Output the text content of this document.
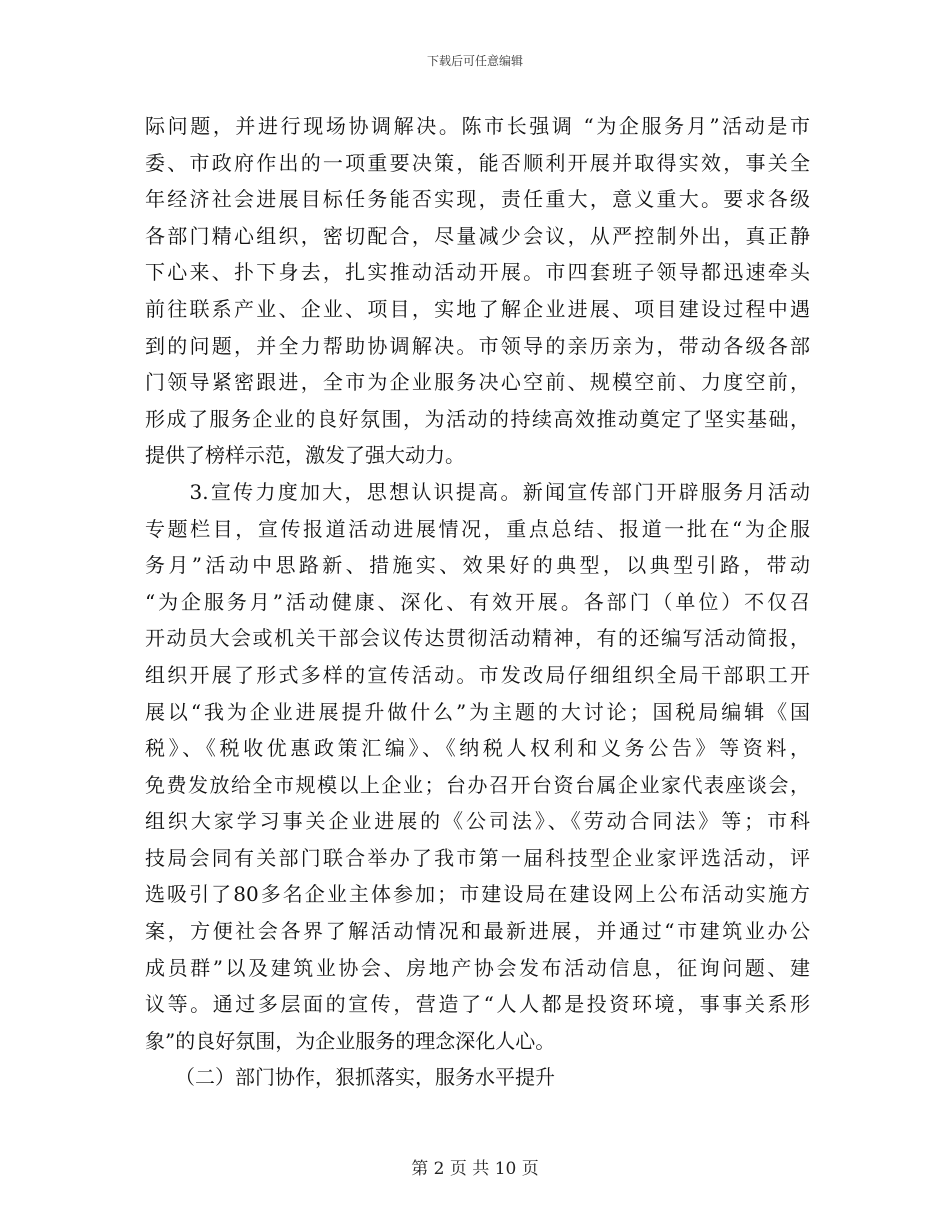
下载后可任意编辑
际问题，并进行现场协调解决。陈市长强调 “为企服务月”活动是市
委、市政府作出的一项重要决策，能否顺利开展并取得实效，事关全
年经济社会进展目标任务能否实现，责任重大，意义重大。要求各级
各部门精心组织，密切配合，尽量减少会议，从严控制外出，真正静
下心来、扑下身去，扎实推动活动开展。市四套班子领导都迅速牵头
前往联系产业、企业、项目，实地了解企业进展、项目建设过程中遇
到的问题，并全力帮助协调解决。市领导的亲历亲为，带动各级各部
门领导紧密跟进，全市为企业服务决心空前、规模空前、力度空前，
形成了服务企业的良好氛围，为活动的持续高效推动奠定了坚实基础，
提供了榜样示范，激发了强大动力。
　　3.宣传力度加大，思想认识提高。新闻宣传部门开辟服务月活动
专题栏目，宣传报道活动进展情况，重点总结、报道一批在“为企服
务月”活动中思路新、措施实、效果好的典型，以典型引路，带动
“为企服务月”活动健康、深化、有效开展。各部门（单位）不仅召
开动员大会或机关干部会议传达贯彻活动精神，有的还编写活动简报，
组织开展了形式多样的宣传活动。市发改局仔细组织全局干部职工开
展以“我为企业进展提升做什么”为主题的大讨论；国税局编辑《国
税》、《税收优惠政策汇编》、《纳税人权利和义务公告》等资料，
免费发放给全市规模以上企业；台办召开台资台属企业家代表座谈会，
组织大家学习事关企业进展的《公司法》、《劳动合同法》等；市科
技局会同有关部门联合举办了我市第一届科技型企业家评选活动，评
选吸引了80多名企业主体参加；市建设局在建设网上公布活动实施方
案，方便社会各界了解活动情况和最新进展，并通过“市建筑业办公
成员群”以及建筑业协会、房地产协会发布活动信息，征询问题、建
议等。通过多层面的宣传，营造了“人人都是投资环境，事事关系形
象”的良好氛围，为企业服务的理念深化人心。
　　（二）部门协作，狠抓落实，服务水平提升
第 2 页 共 10 页
